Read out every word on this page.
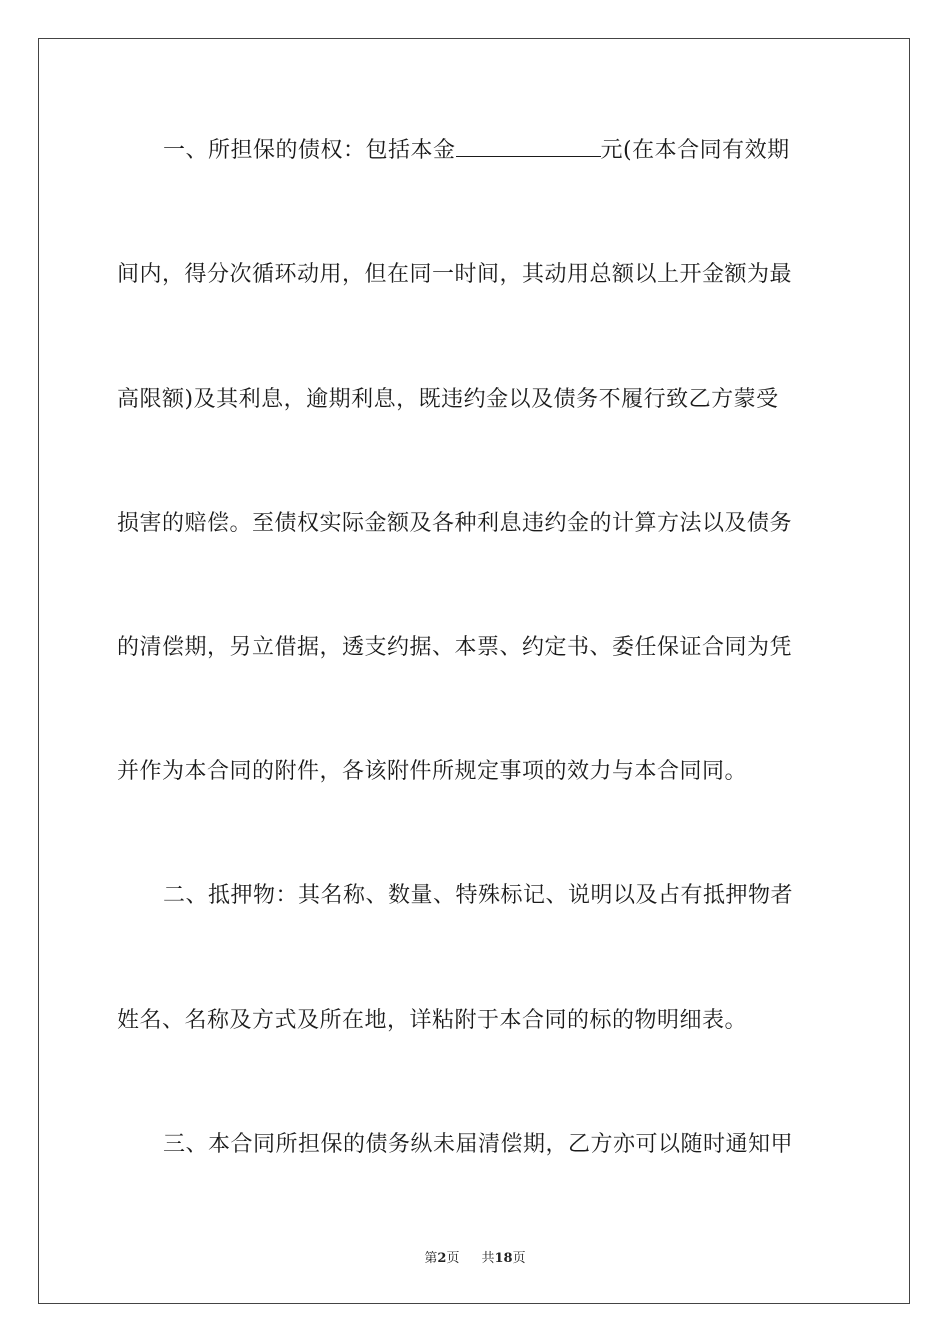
一、所担保的债权：包括本金	元(在本合同有效期
间内，得分次循环动用，但在同一时间，其动用总额以上开金额为最
高限额)及其利息，逾期利息，既违约金以及债务不履行致乙方蒙受
损害的赔偿。至债权实际金额及各种利息违约金的计算方法以及债务
的清偿期，另立借据，透支约据、本票、约定书、委任保证合同为凭
并作为本合同的附件，各该附件所规定事项的效力与本合同同。
二、抵押物：其名称、数量、特殊标记、说明以及占有抵押物者
姓名、名称及方式及所在地，详粘附于本合同的标的物明细表。
三、本合同所担保的债务纵未届清偿期，乙方亦可以随时通知甲
第2页 共18页
